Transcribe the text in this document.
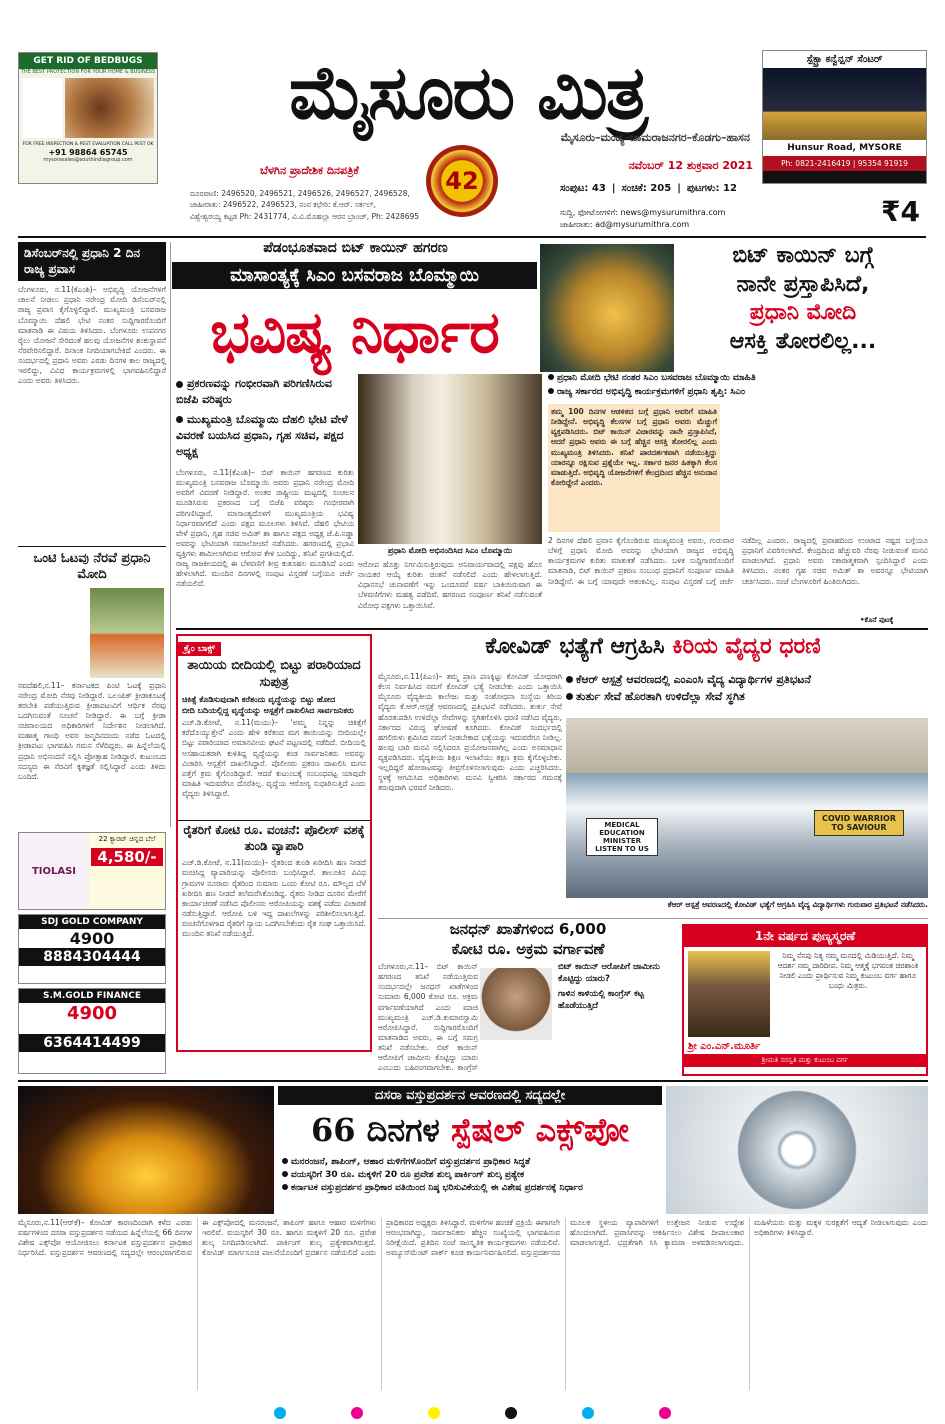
GET RID OF BEDBUGS
THE BEST PROTECTION FOR YOUR HOME & BUSINESS
FOR FREE INSPECTION & PEST EVALUATION CALL PEST OK
+91 98864 65745
mysorasales@southindiagroup.com
ಮೈಸೂರು ಮಿತ್ರ
ಮೈಸೂರು–ಮಂಡ್ಯ–ಚಾಮರಾಜನಗರ–ಕೊಡಗು–ಹಾಸನ
ಬೆಳಗಿನ ಪ್ರಾದೇಶಿಕ ದಿನಪತ್ರಿಕೆ	42
ನವೆಂಬರ್ 12 ಶುಕ್ರವಾರ 2021
ಸ್ಪೆಕ್ಟ್ರಾ ಕನ್ವೆನ್ಷನ್ ಸೆಂಟರ್
Hunsur Road, MYSORE
Ph: 0821-2416419 | 95354 91919
ದೂರವಾಣಿ: 2496520, 2496521, 2496526, 2496527, 2496528,
ಜಾಹೀರಾತು: 2496522, 2496523, ನಂನ ಕಛೇರಿ: ಕೆ.ಆರ್. ಸರ್ಕಲ್,
ವಿಶ್ವೇಶ್ವರಯ್ಯ ಕಟ್ಟಡ Ph: 2431774, ವಿ.ವಿ.ಮೊಹಲ್ಲಾ ಆರನ ಬ್ರಾಂಚ್, Ph: 2428695
ಸಂಪುಟ: 43 | ಸಂಚಿಕೆ: 205 | ಪುಟಗಳು: 12
ಸುದ್ದಿ, ಫೋಟೋಗಳಿಗೆ: news@mysurumithra.com
ಜಾಹೀರಾತು: ad@mysurumithra.com	₹4
ಡಿಸೆಂಬರ್‌ನಲ್ಲಿ ಪ್ರಧಾನಿ 2 ದಿನ ರಾಜ್ಯ ಪ್ರವಾಸ
ಬೆಂಗಳೂರು, ನ.11(ಕೆಎಂಶಿ)– ಅಭಿವೃದ್ಧಿ ಯೋಜನೆಗಳಿಗೆ ಚಾಲನೆ ನೀಡಲು ಪ್ರಧಾನಿ ನರೇಂದ್ರ ಮೋದಿ ಡಿಸೆಂಬರ್‌ನಲ್ಲಿ ರಾಜ್ಯ ಪ್ರವಾಸ ಕೈಗೊಳ್ಳಲಿದ್ದಾರೆ. ಮುಖ್ಯಮಂತ್ರಿ ಬಸವರಾಜ ಬೊಮ್ಮಾಯಿ ದೆಹಲಿ ಭೇಟಿ ನಂತರ ಸುದ್ದಿಗಾರರೊಂದಿಗೆ ಮಾತನಾಡಿ ಈ ವಿಷಯ ತಿಳಿಸಿದರು. ಬೆಂಗಳೂರು ಉಪನಗರ ರೈಲು ಯೋಜನೆ ಸೇರಿದಂತೆ ಹಲವು ಯೋಜನೆಗಳ ಶಂಕುಸ್ಥಾಪನೆ ನೆರವೇರಿಸಲಿದ್ದಾರೆ. ದಿನಾಂಕ ನಿಗದಿಯಾಗಬೇಕಿದೆ ಎಂದರು. ಈ ಸಂದರ್ಭದಲ್ಲಿ ಪ್ರಧಾನಿ ಅವರು ಎರಡು ದಿನಗಳ ಕಾಲ ರಾಜ್ಯದಲ್ಲಿ ಇರಲಿದ್ದು, ವಿವಿಧ ಕಾರ್ಯಕ್ರಮಗಳಲ್ಲಿ ಭಾಗವಹಿಸಲಿದ್ದಾರೆ ಎಂದು ಅವರು ತಿಳಿಸಿದರು.
ಒಂಟಿ ಓಟವು ನೆರವೆ ಪ್ರಧಾನಿ ಮೋದಿ
ನವದೆಹಲಿ,ನ.11– ಕರ್ನಾಟಕದ ಪಿಂಟಿ ಓಟಕ್ಕೆ ಪ್ರಧಾನಿ ನರೇಂದ್ರ ಮೋದಿ ನೆರವು ನೀಡಿದ್ದಾರೆ. ಒಲಂಪಿಕ್ ಕ್ರೀಡಾಕೂಟಕ್ಕೆ ತರಬೇತಿ ಪಡೆಯುತ್ತಿರುವ ಕ್ರೀಡಾಪಟುವಿಗೆ ಆರ್ಥಿಕ ನೆರವು ಒದಗಿಸುವಂತೆ ಸೂಚನೆ ನೀಡಿದ್ದಾರೆ. ಈ ಬಗ್ಗೆ ಕ್ರೀಡಾ ಸಚಿವಾಲಯದ ಅಧಿಕಾರಿಗಳಿಗೆ ನಿರ್ದೇಶನ ನೀಡಲಾಗಿದೆ. ಮಹಾತ್ಮ ಗಾಂಧಿ ಅವರ ಜನ್ಮದಿನದಂದು ನಡೆದ ಓಟದಲ್ಲಿ ಕ್ರೀಡಾಪಟು ಭಾಗವಹಿಸಿ ಗಮನ ಸೆಳೆದಿದ್ದರು. ಈ ಹಿನ್ನೆಲೆಯಲ್ಲಿ ಪ್ರಧಾನಿ ಅಭಿನಂದನೆ ಸಲ್ಲಿಸಿ ಪ್ರೋತ್ಸಾಹ ನೀಡಿದ್ದಾರೆ. ಕುಟುಂಬದ ಸದಸ್ಯರು ಈ ನೆರವಿಗೆ ಕೃತಜ್ಞತೆ ಸಲ್ಲಿಸಿದ್ದಾರೆ ಎಂದು ತಿಳಿದು ಬಂದಿದೆ.
ಪೆಡಂಭೂತವಾದ ಬಿಟ್ ಕಾಯಿನ್ ಹಗರಣ
ಮಾಸಾಂತ್ಯಕ್ಕೆ ಸಿಎಂ ಬಸವರಾಜ ಬೊಮ್ಮಾಯಿ
ಭವಿಷ್ಯ ನಿರ್ಧಾರ
ಪ್ರಕರಣವನ್ನು ಗಂಭೀರವಾಗಿ ಪರಿಗಣಿಸಿರುವ ಬಿಜೆಪಿ ವರಿಷ್ಠರು
ಮುಖ್ಯಮಂತ್ರಿ ಬೊಮ್ಮಾಯಿ ದೆಹಲಿ ಭೇಟಿ ವೇಳೆ ವಿವರಣೆ ಬಯಸಿದ ಪ್ರಧಾನಿ, ಗೃಹ ಸಚಿವ, ಪಕ್ಷದ ಅಧ್ಯಕ್ಷ
ಪ್ರಧಾನಿ ಮೋದಿ ಅಭಿನಂದಿಸಿದ ಸಿಎಂ ಬೊಮ್ಮಾಯಿ
ಬೆಂಗಳೂರು, ನ.11(ಕೆಎಂಶಿ)– ಬಿಟ್ ಕಾಯಿನ್ ಹಗರಣದ ಕುರಿತು ಮುಖ್ಯಮಂತ್ರಿ ಬಸವರಾಜ ಬೊಮ್ಮಾಯಿ ಅವರು ಪ್ರಧಾನಿ ನರೇಂದ್ರ ಮೋದಿ ಅವರಿಗೆ ವಿವರಣೆ ನೀಡಿದ್ದಾರೆ. ಅಂತರ ರಾಷ್ಟ್ರೀಯ ಮಟ್ಟದಲ್ಲಿ ಸಂಚಲನ ಮೂಡಿಸಿರುವ ಪ್ರಕರಣದ ಬಗ್ಗೆ ಬಿಜೆಪಿ ವರಿಷ್ಠರು ಗಂಭೀರವಾಗಿ ಪರಿಗಣಿಸಿದ್ದಾರೆ. ಮಾಸಾಂತ್ಯದೊಳಗೆ ಮುಖ್ಯಮಂತ್ರಿಯ ಭವಿಷ್ಯ ನಿರ್ಧಾರವಾಗಲಿದೆ ಎಂದು ಪಕ್ಷದ ಮೂಲಗಳು ತಿಳಿಸಿವೆ. ದೆಹಲಿ ಭೇಟಿಯ ವೇಳೆ ಪ್ರಧಾನಿ, ಗೃಹ ಸಚಿವ ಅಮಿತ್ ಶಾ ಹಾಗೂ ಪಕ್ಷದ ಅಧ್ಯಕ್ಷ ಜೆ.ಪಿ.ನಡ್ಡಾ ಅವರನ್ನು ಭೇಟಿಯಾಗಿ ಸಮಾಲೋಚನೆ ನಡೆಸಿದರು. ಹಗರಣದಲ್ಲಿ ಪ್ರಭಾವಿ ವ್ಯಕ್ತಿಗಳು ಶಾಮೀಲಾಗಿರುವ ಆರೋಪ ಕೇಳಿ ಬಂದಿದ್ದು, ತನಿಖೆ ಪ್ರಗತಿಯಲ್ಲಿದೆ. ರಾಜ್ಯ ರಾಜಕೀಯದಲ್ಲಿ ಈ ಬೆಳವಣಿಗೆ ತೀವ್ರ ಕುತೂಹಲ ಮೂಡಿಸಿದೆ ಎಂದು ಹೇಳಲಾಗಿದೆ. ಮುಂದಿನ ದಿನಗಳಲ್ಲಿ ಸಂಪುಟ ವಿಸ್ತರಣೆ ಬಗ್ಗೆಯೂ ಚರ್ಚೆ ನಡೆಯಲಿದೆ.
ಆರೋಪ ಹೊತ್ತು ನಿರ್ಗಮಿಸುತ್ತಿರುವುದು ಅನಿವಾರ್ಯವಾದಲ್ಲಿ ಪಕ್ಷವು ಹೊಸ ನಾಯಕರ ಆಯ್ಕೆ ಕುರಿತು ಚಿಂತನೆ ನಡೆಸಲಿದೆ ಎಂದು ಹೇಳಲಾಗುತ್ತಿದೆ. ವಿಧಾನಸಭೆ ಚುನಾವಣೆಗೆ ಇನ್ನು ಒಂದೂವರೆ ವರ್ಷ ಬಾಕಿಯಿರುವಾಗ ಈ ಬೆಳವಣಿಗೆಗಳು ಮಹತ್ವ ಪಡೆದಿವೆ. ಹಗರಣದ ಸಂಪೂರ್ಣ ತನಿಖೆ ನಡೆಸುವಂತೆ ವಿರೋಧ ಪಕ್ಷಗಳು ಒತ್ತಾಯಿಸಿವೆ.
ಬಿಟ್ ಕಾಯಿನ್ ಬಗ್ಗೆ
ನಾನೇ ಪ್ರಸ್ತಾಪಿಸಿದೆ,
ಪ್ರಧಾನಿ ಮೋದಿ
ಆಸಕ್ತಿ ತೋರಲಿಲ್ಲ...
ಪ್ರಧಾನಿ ಮೋದಿ ಭೇಟಿ ನಂತರ ಸಿಎಂ ಬಸವರಾಜ ಬೊಮ್ಮಾಯಿ ಮಾಹಿತಿ
ರಾಜ್ಯ ಸರ್ಕಾರದ ಅಭಿವೃದ್ಧಿ ಕಾರ್ಯಕ್ರಮಗಳಿಗೆ ಪ್ರಧಾನಿ ತೃಪ್ತಿ: ಸಿಎಂ
ತಮ್ಮ 100 ದಿನಗಳ ಆಡಳಿತದ ಬಗ್ಗೆ ಪ್ರಧಾನಿ ಅವರಿಗೆ ಮಾಹಿತಿ ನೀಡಿದ್ದೇನೆ. ಅಭಿವೃದ್ಧಿ ಕೆಲಸಗಳ ಬಗ್ಗೆ ಪ್ರಧಾನಿ ಅವರು ಮೆಚ್ಚುಗೆ ವ್ಯಕ್ತಪಡಿಸಿದರು. ಬಿಟ್ ಕಾಯಿನ್ ವಿಚಾರವನ್ನು ನಾನೇ ಪ್ರಸ್ತಾಪಿಸಿದೆ, ಆದರೆ ಪ್ರಧಾನಿ ಅವರು ಈ ಬಗ್ಗೆ ಹೆಚ್ಚಿನ ಆಸಕ್ತಿ ತೋರಲಿಲ್ಲ ಎಂದು ಮುಖ್ಯಮಂತ್ರಿ ತಿಳಿಸಿದರು. ತನಿಖೆ ಪಾರದರ್ಶಕವಾಗಿ ನಡೆಯುತ್ತಿದ್ದು ಯಾರನ್ನೂ ರಕ್ಷಿಸುವ ಪ್ರಶ್ನೆಯೇ ಇಲ್ಲ. ಸರ್ಕಾರ ಜನರ ಹಿತಕ್ಕಾಗಿ ಕೆಲಸ ಮಾಡುತ್ತಿದೆ. ಅಭಿವೃದ್ಧಿ ಯೋಜನೆಗಳಿಗೆ ಕೇಂದ್ರದಿಂದ ಹೆಚ್ಚಿನ ಅನುದಾನ ಕೋರಿದ್ದೇನೆ ಎಂದರು.
2 ದಿನಗಳ ದೆಹಲಿ ಪ್ರವಾಸ ಕೈಗೊಂಡಿರುವ ಮುಖ್ಯಮಂತ್ರಿ ಅವರು, ಗುರುವಾರ ಬೆಳಿಗ್ಗೆ ಪ್ರಧಾನಿ ಮೋದಿ ಅವರನ್ನು ಭೇಟಿಯಾಗಿ ರಾಜ್ಯದ ಅಭಿವೃದ್ಧಿ ಕಾರ್ಯಕ್ರಮಗಳ ಕುರಿತು ಮಾತುಕತೆ ನಡೆಸಿದರು. ಬಳಿಕ ಸುದ್ದಿಗಾರರೊಂದಿಗೆ ಮಾತನಾಡಿ, ಬಿಟ್ ಕಾಯಿನ್ ಪ್ರಕರಣ ಸಂಬಂಧ ಪ್ರಧಾನಿಗೆ ಸಂಪೂರ್ಣ ಮಾಹಿತಿ ನೀಡಿದ್ದೇನೆ. ಈ ಬಗ್ಗೆ ಯಾವುದೇ ಆತಂಕವಿಲ್ಲ. ಸಂಪುಟ ವಿಸ್ತರಣೆ ಬಗ್ಗೆ ಚರ್ಚೆ ನಡೆದಿಲ್ಲ ಎಂದರು. ರಾಜ್ಯದಲ್ಲಿ ಪ್ರವಾಹದಿಂದ ಉಂಟಾದ ನಷ್ಟದ ಬಗ್ಗೆಯೂ ಪ್ರಧಾನಿಗೆ ವಿವರಿಸಲಾಗಿದೆ. ಕೇಂದ್ರದಿಂದ ಹೆಚ್ಚುವರಿ ನೆರವು ನೀಡುವಂತೆ ಮನವಿ ಮಾಡಲಾಗಿದೆ. ಪ್ರಧಾನಿ ಅವರು ಸಕಾರಾತ್ಮಕವಾಗಿ ಸ್ಪಂದಿಸಿದ್ದಾರೆ ಎಂದು ತಿಳಿಸಿದರು. ನಂತರ ಗೃಹ ಸಚಿವ ಅಮಿತ್ ಶಾ ಅವರನ್ನೂ ಭೇಟಿಯಾಗಿ ಚರ್ಚಿಸಿದರು. ಸಂಜೆ ಬೆಂಗಳೂರಿಗೆ ಹಿಂತಿರುಗಿದರು.
ಕ್ರೈಂ ಬಾಕ್ಸ್
ತಾಯಿಯ ಬೀದಿಯಲ್ಲಿ ಬಿಟ್ಟು ಪರಾರಿಯಾದ ಸುಪುತ್ರ
ಚಿಕಿತ್ಸೆ ಕೊಡಿಸುವುದಾಗಿ ಕರೆತಂದು ವೃದ್ಧೆಯನ್ನು ಬಿಟ್ಟು ಹೋದ
ಬೀದಿ ಬದಿಯಲ್ಲಿದ್ದ ವೃದ್ಧೆಯನ್ನು ಆಸ್ಪತ್ರೆಗೆ ದಾಖಲಿಸಿದ ಸಾರ್ವಜನಿಕರು
ಎಚ್.ಡಿ.ಕೋಟೆ, ನ.11(ಮಯು)– 'ಅಮ್ಮ ನಿನ್ನನ್ನು ಚಿಕಿತ್ಸೆಗೆ ಕರೆದೊಯ್ಯುತ್ತೇನೆ' ಎಂದು ಹೇಳಿ ಕರೆತಂದ ಮಗ ತಾಯಿಯನ್ನು ಬೀದಿಯಲ್ಲೇ ಬಿಟ್ಟು ಪರಾರಿಯಾದ ಅಮಾನವೀಯ ಘಟನೆ ಪಟ್ಟಣದಲ್ಲಿ ನಡೆದಿದೆ. ಬೀದಿಯಲ್ಲಿ ಅಸಹಾಯಕರಾಗಿ ಕುಳಿತಿದ್ದ ವೃದ್ಧೆಯನ್ನು ಕಂಡ ಸಾರ್ವಜನಿಕರು ಅವರನ್ನು ವಿಚಾರಿಸಿ ಆಸ್ಪತ್ರೆಗೆ ದಾಖಲಿಸಿದ್ದಾರೆ. ಪೊಲೀಸರು ಪ್ರಕರಣ ದಾಖಲಿಸಿ ಮಗನ ಪತ್ತೆಗೆ ಕ್ರಮ ಕೈಗೊಂಡಿದ್ದಾರೆ. ಆದರೆ ಕುಟುಂಬಕ್ಕೆ ಸಂಬಂಧಪಟ್ಟ ಯಾವುದೇ ಮಾಹಿತಿ ಇದುವರೆಗೂ ದೊರೆತಿಲ್ಲ. ವೃದ್ಧೆಯ ಆರೋಗ್ಯ ಸುಧಾರಿಸುತ್ತಿದೆ ಎಂದು ವೈದ್ಯರು ತಿಳಿಸಿದ್ದಾರೆ.
ರೈತರಿಗೆ ಕೋಟಿ ರೂ. ವಂಚನೆ: ಪೊಲೀಸ್ ವಶಕ್ಕೆ ತುಂಡಿ ವ್ಯಾಪಾರಿ
ಎಚ್.ಡಿ.ಕೋಟೆ, ನ.11(ಮಯು)– ರೈತರಿಂದ ತುಂಡಿ ಖರೀದಿಸಿ ಹಣ ನೀಡದೆ ವಂಚಿಸಿದ್ದ ವ್ಯಾಪಾರಿಯನ್ನು ಪೊಲೀಸರು ಬಂಧಿಸಿದ್ದಾರೆ. ತಾಲೂಕಿನ ವಿವಿಧ ಗ್ರಾಮಗಳ ನೂರಾರು ರೈತರಿಂದ ಸುಮಾರು ಒಂದು ಕೋಟಿ ರೂ. ಮೌಲ್ಯದ ಬೆಳೆ ಖರೀದಿಸಿ ಹಣ ನೀಡದೆ ತಲೆಮರೆಸಿಕೊಂಡಿದ್ದ. ರೈತರು ನೀಡಿದ ದೂರಿನ ಮೇರೆಗೆ ಕಾರ್ಯಾಚರಣೆ ನಡೆಸಿದ ಪೊಲೀಸರು ಆರೋಪಿಯನ್ನು ವಶಕ್ಕೆ ಪಡೆದು ವಿಚಾರಣೆ ನಡೆಸುತ್ತಿದ್ದಾರೆ. ಆರೋಪಿ ಬಳಿ ಇದ್ದ ದಾಖಲೆಗಳನ್ನು ಪರಿಶೀಲಿಸಲಾಗುತ್ತಿದೆ. ವಂಚನೆಗೊಳಗಾದ ರೈತರಿಗೆ ನ್ಯಾಯ ಒದಗಿಸಬೇಕೆಂದು ರೈತ ಸಂಘ ಒತ್ತಾಯಿಸಿದೆ. ಮುಂದಿನ ತನಿಖೆ ನಡೆಯುತ್ತಿದೆ.
TIOLASI
22 ಕ್ಯಾರಟ್ ಚಿನ್ನದ ಬೆಲೆ
4,580/-
SDJ GOLD COMPANY
4900
8884304444
S.M.GOLD FINANCE
4900
6364414499
ಕೋವಿಡ್ ಭತ್ಯೆಗೆ ಆಗ್ರಹಿಸಿ ಕಿರಿಯ ವೈದ್ಯರ ಧರಣಿ
ಕೆಆರ್ ಆಸ್ಪತ್ರೆ ಆವರಣದಲ್ಲಿ ಎಂಎಂಸಿ ವೈದ್ಯ ವಿದ್ಯಾರ್ಥಿಗಳ ಪ್ರತಿಭಟನೆ
ತುರ್ತು ಸೇವೆ ಹೊರತಾಗಿ ಉಳಿದೆಲ್ಲಾ ಸೇವೆ ಸ್ಥಗಿತ
ಮೈಸೂರು,ನ.11(ಪಿಎಂ)– ತಮ್ಮ ಪ್ರಾಣ ಪಣಕ್ಕಿಟ್ಟು ಕೋವಿಡ್ ಯೋಧರಾಗಿ ಕೆಲಸ ನಿರ್ವಹಿಸಿದ ನಮಗೆ ಕೋವಿಡ್ ಭತ್ಯೆ ನೀಡಬೇಕು ಎಂದು ಒತ್ತಾಯಿಸಿ ಮೈಸೂರು ವೈದ್ಯಕೀಯ ಕಾಲೇಜು ಮತ್ತು ಸಂಶೋಧನಾ ಸಂಸ್ಥೆಯ ಕಿರಿಯ ವೈದ್ಯರು ಕೆ.ಆರ್.ಆಸ್ಪತ್ರೆ ಆವರಣದಲ್ಲಿ ಪ್ರತಿಭಟನೆ ನಡೆಸಿದರು. ತುರ್ತು ಸೇವೆ ಹೊರತುಪಡಿಸಿ ಉಳಿದೆಲ್ಲಾ ಸೇವೆಗಳನ್ನು ಸ್ಥಗಿತಗೊಳಿಸಿ ಧರಣಿ ನಡೆಸಿದ ವೈದ್ಯರು, ಸರ್ಕಾರದ ವಿರುದ್ಧ ಘೋಷಣೆ ಕೂಗಿದರು. ಕೋವಿಡ್ ಸಂದರ್ಭದಲ್ಲಿ ಹಗಲಿರುಳು ಶ್ರಮಿಸಿದ ನಮಗೆ ನೀಡಬೇಕಾದ ಭತ್ಯೆಯನ್ನು ಇದುವರೆಗೂ ನೀಡಿಲ್ಲ. ಹಲವು ಬಾರಿ ಮನವಿ ಸಲ್ಲಿಸಿದರೂ ಪ್ರಯೋಜನವಾಗಿಲ್ಲ ಎಂದು ಅಸಮಾಧಾನ ವ್ಯಕ್ತಪಡಿಸಿದರು. ವೈದ್ಯಕೀಯ ಶಿಕ್ಷಣ ಇಲಾಖೆಯು ತಕ್ಷಣ ಕ್ರಮ ಕೈಗೊಳ್ಳಬೇಕು. ಇಲ್ಲದಿದ್ದರೆ ಹೋರಾಟವನ್ನು ತೀವ್ರಗೊಳಿಸಲಾಗುವುದು ಎಂದು ಎಚ್ಚರಿಸಿದರು. ಸ್ಥಳಕ್ಕೆ ಆಗಮಿಸಿದ ಅಧಿಕಾರಿಗಳು ಮನವಿ ಸ್ವೀಕರಿಸಿ ಸರ್ಕಾರದ ಗಮನಕ್ಕೆ ತರುವುದಾಗಿ ಭರವಸೆ ನೀಡಿದರು.
MEDICAL EDUCATION MINISTER LISTEN TO US
COVID WARRIOR TO SAVIOUR
ಕೆಆರ್ ಆಸ್ಪತ್ರೆ ಆವರಣದಲ್ಲಿ ಕೋವಿಡ್ ಭತ್ಯೆಗೆ ಆಗ್ರಹಿಸಿ ವೈದ್ಯ ವಿದ್ಯಾರ್ಥಿಗಳು ಗುರುವಾರ ಪ್ರತಿಭಟನೆ ನಡೆಸಿದರು.
ಜನಧನ್ ಖಾತೆಗಳಿಂದ 6,000
ಕೋಟಿ ರೂ. ಅಕ್ರಮ ವರ್ಗಾವಣೆ
ಬಿಟ್ ಕಾಯಿನ್ ಆರೋಪಿಗೆ ಜಾಮೀನು ಕೊಟ್ಟಿದ್ದು ಯಾರು?
ಗಾಳಿನ ಕಾಳಿಯಲ್ಲಿ ಕಾಂಗ್ರೆಸ್ ಕಟ್ಟ ಹೊಡೆಯುತ್ತಿದೆ
ಬೆಂಗಳೂರು,ನ.11– ಬಿಟ್ ಕಾಯಿನ್ ಹಗರಣದ ತನಿಖೆ ನಡೆಯುತ್ತಿರುವ ಸಂದರ್ಭದಲ್ಲೇ ಜನಧನ್ ಖಾತೆಗಳಿಂದ ಸುಮಾರು 6,000 ಕೋಟಿ ರೂ. ಅಕ್ರಮ ವರ್ಗಾವಣೆಯಾಗಿದೆ ಎಂದು ಮಾಜಿ ಮುಖ್ಯಮಂತ್ರಿ ಎಚ್.ಡಿ.ಕುಮಾರಸ್ವಾಮಿ ಆರೋಪಿಸಿದ್ದಾರೆ. ಸುದ್ದಿಗಾರರೊಂದಿಗೆ ಮಾತನಾಡಿದ ಅವರು, ಈ ಬಗ್ಗೆ ಸಮಗ್ರ ತನಿಖೆ ನಡೆಸಬೇಕು. ಬಿಟ್ ಕಾಯಿನ್ ಆರೋಪಿಗೆ ಜಾಮೀನು ಕೊಟ್ಟಿದ್ದು ಯಾರು ಎಂಬುದು ಬಹಿರಂಗವಾಗಬೇಕು. ಕಾಂಗ್ರೆಸ್
1ನೇ ವರ್ಷದ ಪುಣ್ಯಸ್ಮರಣೆ
ನಿಮ್ಮ ನೆನಪು ನಿತ್ಯ ನಮ್ಮ ಮನದಲ್ಲಿ ಮಿಡಿಯುತ್ತಿದೆ. ನಿಮ್ಮ ಆದರ್ಶ ನಮ್ಮ ದಾರಿದೀಪ. ನಿಮ್ಮ ಆತ್ಮಕ್ಕೆ ಭಗವಂತ ಚಿರಶಾಂತಿ ನೀಡಲಿ ಎಂದು ಪ್ರಾರ್ಥಿಸುವ ನಿಮ್ಮ ಕುಟುಂಬ ವರ್ಗ ಹಾಗೂ ಬಂಧು ಮಿತ್ರರು.
ಶ್ರೀ ಎಂ.ಎನ್.ಮೂರ್ತಿ
ಶ್ರೀಮತಿ ಸರಸ್ವತಿ ಮತ್ತು ಕುಟುಂಬ ವರ್ಗ
•ಕೊನೆ ಪುಟಕ್ಕೆ
ದಸರಾ ವಸ್ತುಪ್ರದರ್ಶನ ಆವರಣದಲ್ಲಿ ಸದ್ಯದಲ್ಲೇ
66 ದಿನಗಳ ಸ್ಪೆಷಲ್ ಎಕ್ಸ್‌ಪೋ
ಮನರಂಜನೆ, ಶಾಪಿಂಗ್, ಆಹಾರ ಮಳಿಗೆಗಳೊಂದಿಗೆ ವಸ್ತುಪ್ರದರ್ಶನ ಪ್ರಾಧಿಕಾರ ಸಿದ್ಧತೆ
ವಯಸ್ಕರಿಗೆ 30 ರೂ. ಮಕ್ಕಳಿಗೆ 20 ರೂ ಪ್ರವೇಶ ಶುಲ್ಕ ಪಾರ್ಕಿಂಗ್ ಶುಲ್ಕ ಪ್ರತ್ಯೇಕ
ಕರ್ನಾಟಕ ವಸ್ತುಪ್ರದರ್ಶನ ಪ್ರಾಧಿಕಾರ ವತಿಯಿಂದ ನಿಷ್ಠ ಭರಿಸುವಿಕೆಯಲ್ಲಿ ಈ ವಿಶೇಷ ಪ್ರದರ್ಶನಕ್ಕೆ ನಿರ್ಧಾರ
ಮೈಸೂರು,ನ.11(ಆರ್‌ಕೆ)– ಕೋವಿಡ್ ಕಾರಣದಿಂದಾಗಿ ಕಳೆದ ಎರಡು ವರ್ಷಗಳಿಂದ ದಸರಾ ವಸ್ತುಪ್ರದರ್ಶನ ನಡೆಯದ ಹಿನ್ನೆಲೆಯಲ್ಲಿ 66 ದಿನಗಳ ವಿಶೇಷ ಎಕ್ಸ್‌ಪೋ ಆಯೋಜಿಸಲು ಕರ್ನಾಟಕ ವಸ್ತುಪ್ರದರ್ಶನ ಪ್ರಾಧಿಕಾರ ನಿರ್ಧರಿಸಿದೆ. ವಸ್ತುಪ್ರದರ್ಶನ ಆವರಣದಲ್ಲಿ ಸದ್ಯದಲ್ಲೇ ಆರಂಭವಾಗಲಿರುವ ಈ ಎಕ್ಸ್‌ಪೋದಲ್ಲಿ ಮನರಂಜನೆ, ಶಾಪಿಂಗ್ ಹಾಗೂ ಆಹಾರ ಮಳಿಗೆಗಳು ಇರಲಿವೆ. ವಯಸ್ಕರಿಗೆ 30 ರೂ. ಹಾಗೂ ಮಕ್ಕಳಿಗೆ 20 ರೂ. ಪ್ರವೇಶ ಶುಲ್ಕ ನಿಗದಿಪಡಿಸಲಾಗಿದೆ. ಪಾರ್ಕಿಂಗ್ ಶುಲ್ಕ ಪ್ರತ್ಯೇಕವಾಗಿರುತ್ತದೆ. ಕೋವಿಡ್ ಮಾರ್ಗಸೂಚಿ ಪಾಲನೆಯೊಂದಿಗೆ ಪ್ರದರ್ಶನ ನಡೆಯಲಿದೆ ಎಂದು ಪ್ರಾಧಿಕಾರದ ಅಧ್ಯಕ್ಷರು ತಿಳಿಸಿದ್ದಾರೆ. ಮಳಿಗೆಗಳ ಹಂಚಿಕೆ ಪ್ರಕ್ರಿಯೆ ಈಗಾಗಲೇ ಆರಂಭವಾಗಿದ್ದು, ಸಾರ್ವಜನಿಕರು ಹೆಚ್ಚಿನ ಸಂಖ್ಯೆಯಲ್ಲಿ ಭಾಗವಹಿಸುವ ನಿರೀಕ್ಷೆಯಿದೆ. ಪ್ರತಿದಿನ ಸಂಜೆ ಸಾಂಸ್ಕೃತಿಕ ಕಾರ್ಯಕ್ರಮಗಳು ನಡೆಯಲಿವೆ. ಅಮ್ಯೂಸ್‌ಮೆಂಟ್ ಪಾರ್ಕ್ ಕೂಡ ಕಾರ್ಯನಿರ್ವಹಿಸಲಿದೆ. ವಸ್ತುಪ್ರದರ್ಶನದ ಮೂಲಕ ಸ್ಥಳೀಯ ವ್ಯಾಪಾರಿಗಳಿಗೆ ಉತ್ತೇಜನ ನೀಡುವ ಉದ್ದೇಶ ಹೊಂದಲಾಗಿದೆ. ಪ್ರವಾಸಿಗರನ್ನು ಆಕರ್ಷಿಸಲು ವಿಶೇಷ ದೀಪಾಲಂಕಾರ ಮಾಡಲಾಗುತ್ತದೆ. ಭದ್ರತೆಗಾಗಿ ಸಿಸಿ ಕ್ಯಾಮರಾ ಅಳವಡಿಸಲಾಗುವುದು. ಮಹಿಳೆಯರು ಮತ್ತು ಮಕ್ಕಳ ಸುರಕ್ಷತೆಗೆ ಆದ್ಯತೆ ನೀಡಲಾಗುವುದು ಎಂದು ಅಧಿಕಾರಿಗಳು ತಿಳಿಸಿದ್ದಾರೆ.
